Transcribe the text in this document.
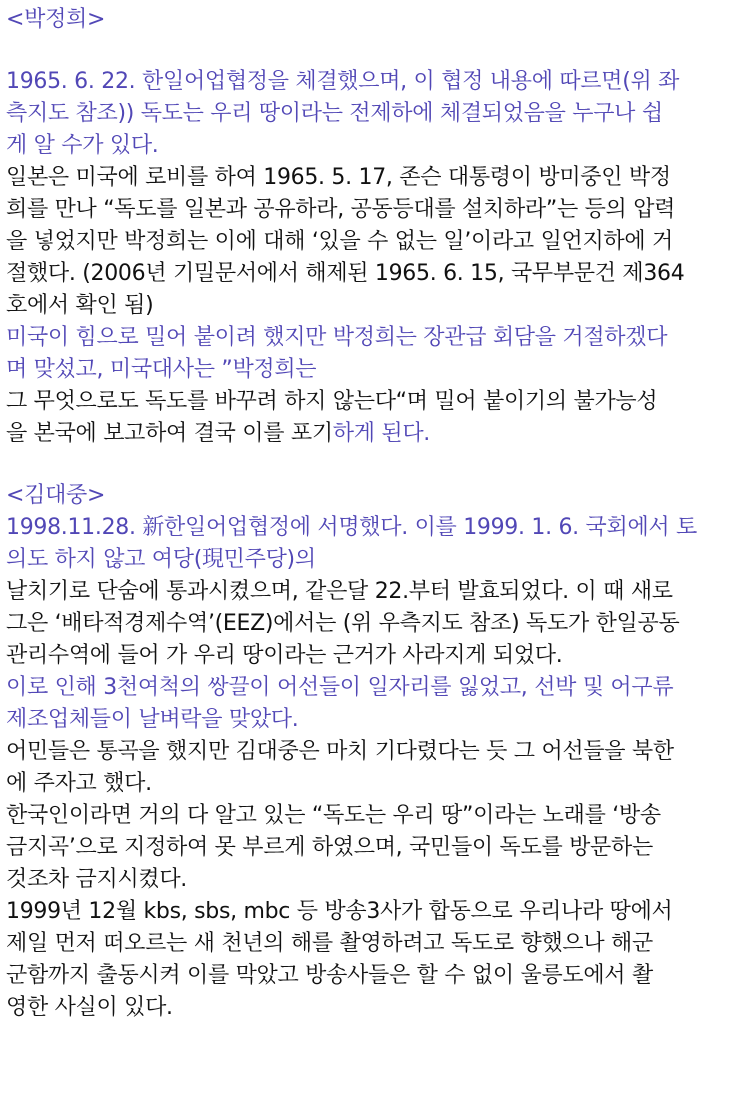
<박정희>
1965. 6. 22. 한일어업협정을 체결했으며, 이 협정 내용에 따르면(위 좌
측지도 참조)) 독도는 우리 땅이라는 전제하에 체결되었음을 누구나 쉽
게 알 수가 있다.
일본은 미국에 로비를 하여 1965. 5. 17, 존슨 대통령이 방미중인 박정
희를 만나 “독도를 일본과 공유하라, 공동등대를 설치하라”는 등의 압력
을 넣었지만 박정희는 이에 대해 ‘있을 수 없는 일’이라고 일언지하에 거
절했다. (2006년 기밀문서에서 해제된 1965. 6. 15, 국무부문건 제364
호에서 확인 됨)
미국이 힘으로 밀어 붙이려 했지만 박정희는 장관급 회담을 거절하겠다
며 맞섰고, 미국대사는 ”박정희는
그 무엇으로도 독도를 바꾸려 하지 않는다“며 밀어 붙이기의 불가능성
을 본국에 보고하여 결국 이를 포기하게 된다.
<김대중>
1998.11.28. 新한일어업협정에 서명했다. 이를 1999. 1. 6. 국회에서 토
의도 하지 않고 여당(現민주당)의
날치기로 단숨에 통과시켰으며, 같은달 22.부터 발효되었다. 이 때 새로
그은 ‘배타적경제수역’(EEZ)에서는 (위 우측지도 참조) 독도가 한일공동
관리수역에 들어 가 우리 땅이라는 근거가 사라지게 되었다.
이로 인해 3천여척의 쌍끌이 어선들이 일자리를 잃었고, 선박 및 어구류
제조업체들이 날벼락을 맞았다.
어민들은 통곡을 했지만 김대중은 마치 기다렸다는 듯 그 어선들을 북한
에 주자고 했다.
한국인이라면 거의 다 알고 있는 “독도는 우리 땅”이라는 노래를 ‘방송
금지곡’으로 지정하여 못 부르게 하였으며, 국민들이 독도를 방문하는
것조차 금지시켰다.
1999년 12월 kbs, sbs, mbc 등 방송3사가 합동으로 우리나라 땅에서
제일 먼저 떠오르는 새 천년의 해를 촬영하려고 독도로 향했으나 해군
군함까지 출동시켜 이를 막았고 방송사들은 할 수 없이 울릉도에서 촬
영한 사실이 있다.
